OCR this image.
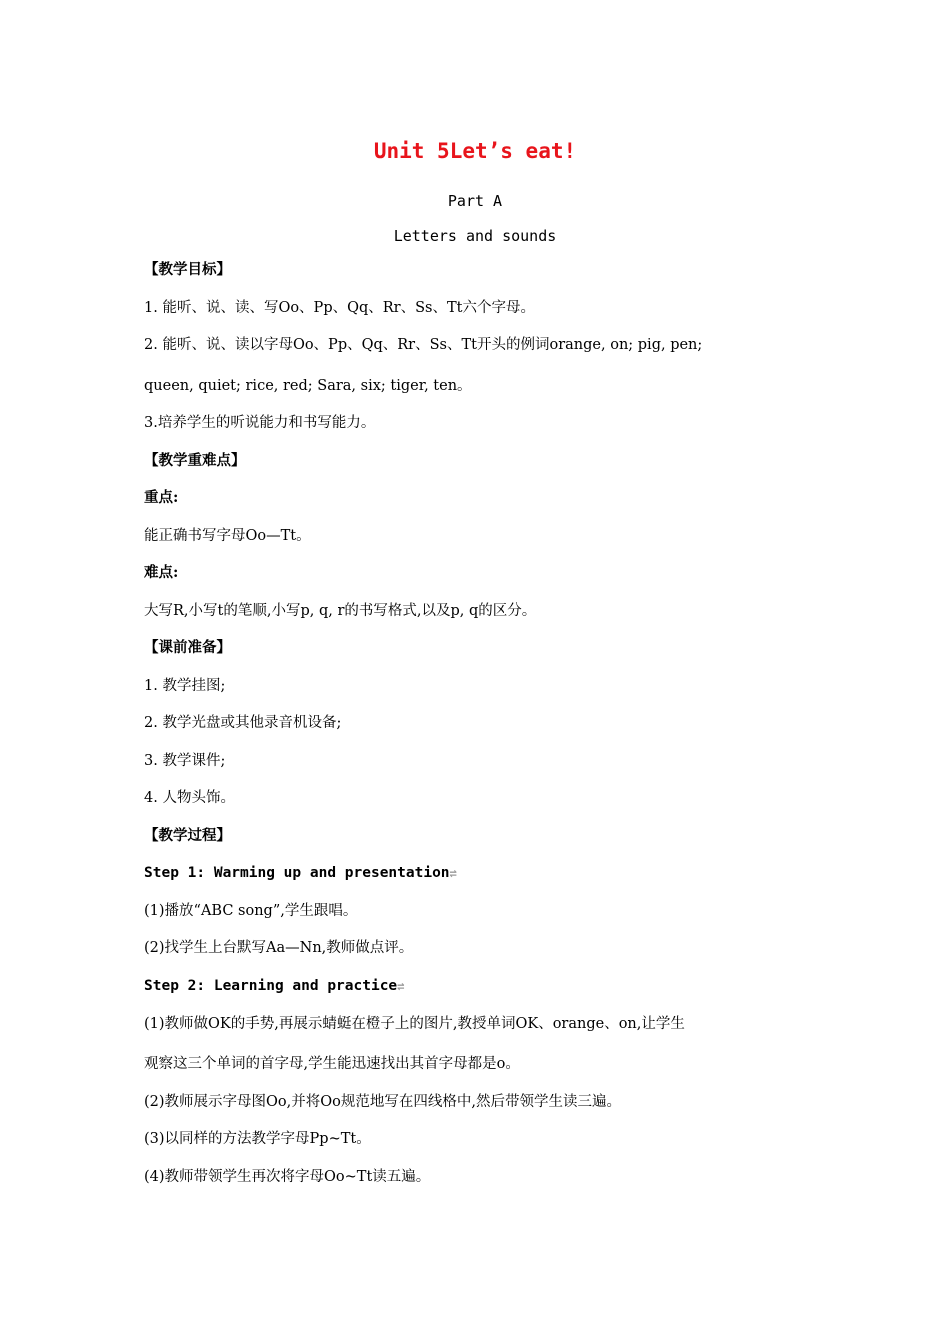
Unit 5Let’s eat!
Part A
Letters and sounds
【教学目标】
1. 能听、说、读、写Oo、Pp、Qq、Rr、Ss、Tt六个字母。
2. 能听、说、读以字母Oo、Pp、Qq、Rr、Ss、Tt开头的例词orange, on; pig, pen;
queen, quiet; rice, red; Sara, six; tiger, ten。
3.培养学生的听说能力和书写能力。
【教学重难点】
重点:
能正确书写字母Oo—Tt。
难点:
大写R,小写t的笔顺,小写p, q, r的书写格式,以及p, q的区分。
【课前准备】
1. 教学挂图;
2. 教学光盘或其他录音机设备;
3. 教学课件;
4. 人物头饰。
【教学过程】
Step 1: Warming up and presentation⇌
(1)播放“ABC song”,学生跟唱。
(2)找学生上台默写Aa—Nn,教师做点评。
Step 2: Learning and practice⇌
(1)教师做OK的手势,再展示蜻蜓在橙子上的图片,教授单词OK、orange、on,让学生
观察这三个单词的首字母,学生能迅速找出其首字母都是o。
(2)教师展示字母图Oo,并将Oo规范地写在四线格中,然后带领学生读三遍。
(3)以同样的方法教学字母Pp~Tt。
(4)教师带领学生再次将字母Oo~Tt读五遍。
